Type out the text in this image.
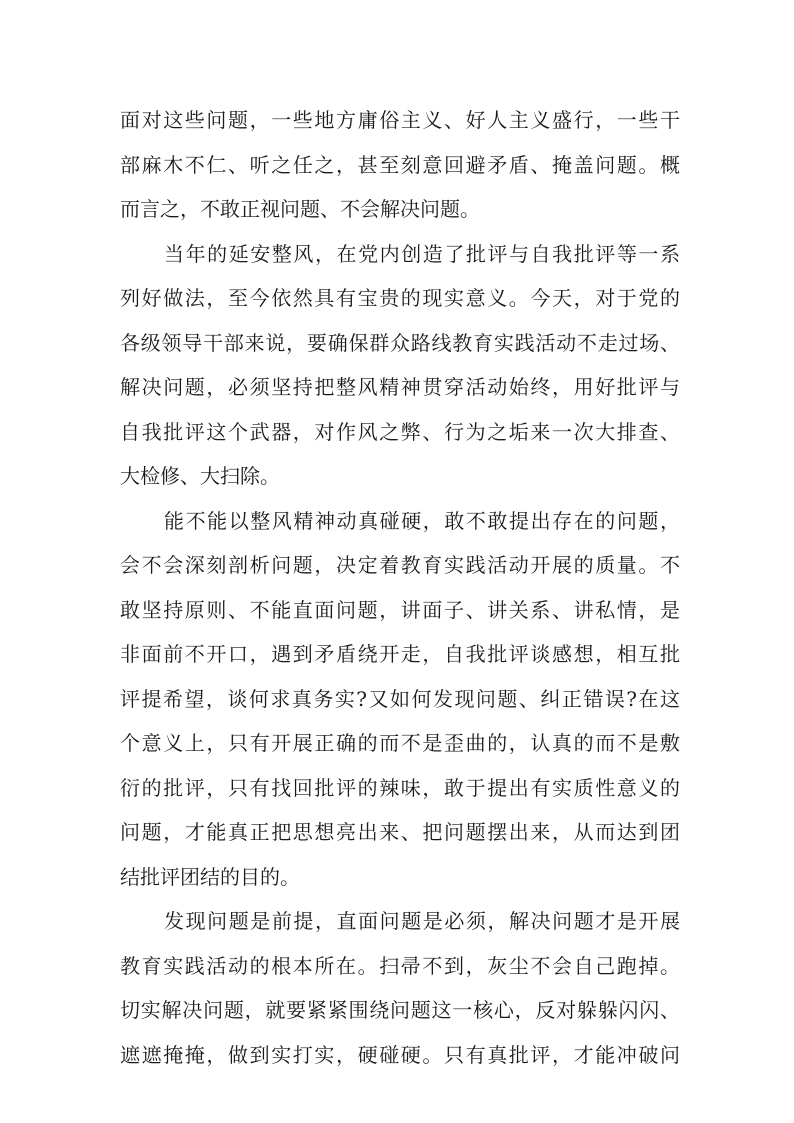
面对这些问题，一些地方庸俗主义、好人主义盛行，一些干
部麻木不仁、听之任之，甚至刻意回避矛盾、掩盖问题。概
而言之，不敢正视问题、不会解决问题。
当年的延安整风，在党内创造了批评与自我批评等一系
列好做法，至今依然具有宝贵的现实意义。今天，对于党的
各级领导干部来说，要确保群众路线教育实践活动不走过场、
解决问题，必须坚持把整风精神贯穿活动始终，用好批评与
自我批评这个武器，对作风之弊、行为之垢来一次大排查、
大检修、大扫除。
能不能以整风精神动真碰硬，敢不敢提出存在的问题，
会不会深刻剖析问题，决定着教育实践活动开展的质量。不
敢坚持原则、不能直面问题，讲面子、讲关系、讲私情，是
非面前不开口，遇到矛盾绕开走，自我批评谈感想，相互批
评提希望，谈何求真务实?又如何发现问题、纠正错误?在这
个意义上，只有开展正确的而不是歪曲的，认真的而不是敷
衍的批评，只有找回批评的辣味，敢于提出有实质性意义的
问题，才能真正把思想亮出来、把问题摆出来，从而达到团
结批评团结的目的。
发现问题是前提，直面问题是必须，解决问题才是开展
教育实践活动的根本所在。扫帚不到，灰尘不会自己跑掉。
切实解决问题，就要紧紧围绕问题这一核心，反对躲躲闪闪、
遮遮掩掩，做到实打实，硬碰硬。只有真批评，才能冲破问
